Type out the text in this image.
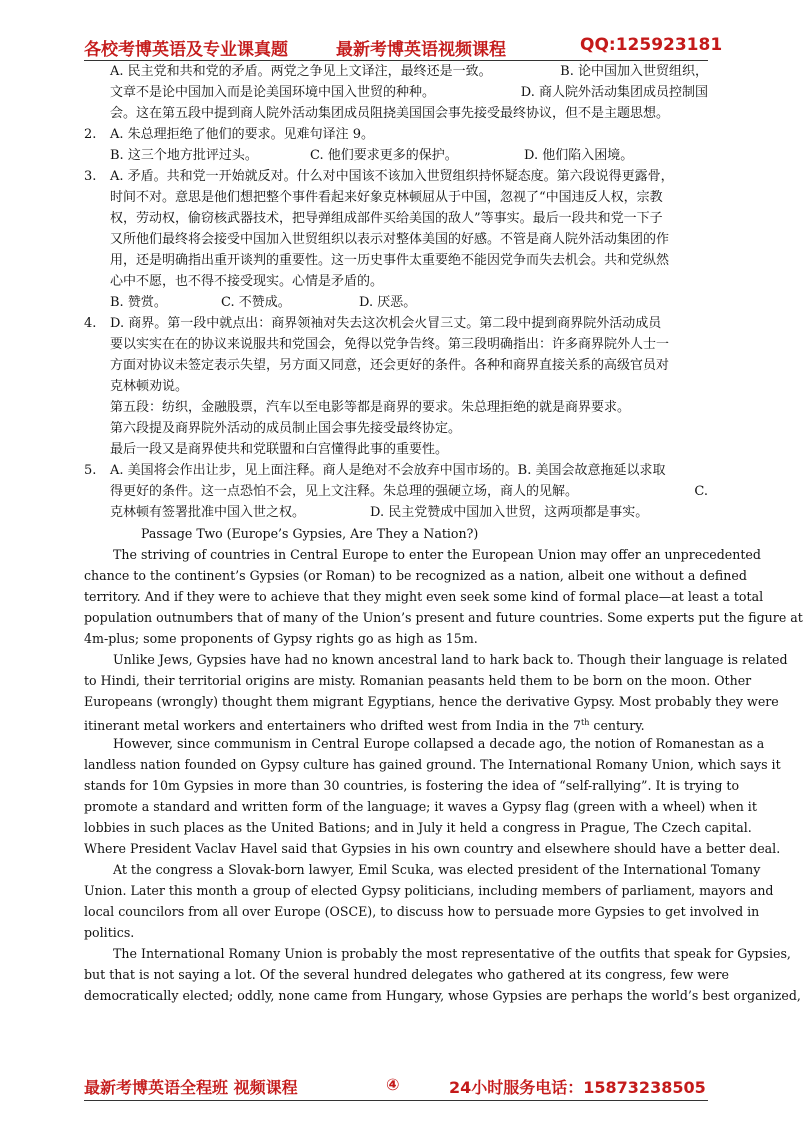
各校考博英语及专业课真题	最新考博英语视频课程	QQ:125923181
A. 民主党和共和党的矛盾。两党之争见上文译注，最终还是一致。	B. 论中国加入世贸组织，
文章不是论中国加入而是论美国环境中国入世贸的种种。	D. 商人院外活动集团成员控制国
会。这在第五段中提到商人院外活动集团成员阻挠美国国会事先接受最终协议，但不是主题思想。
2. A. 朱总理拒绝了他们的要求。见难句译注 9。
B. 这三个地方批评过头。	C. 他们要求更多的保护。	D. 他们陷入困境。
3. A. 矛盾。共和党一开始就反对。什么对中国该不该加入世贸组织持怀疑态度。第六段说得更露骨，
时间不对。意思是他们想把整个事件看起来好象克林顿屈从于中国，忽视了“中国违反人权，宗教
权，劳动权，偷窃核武器技术，把导弹组成部件买给美国的敌人”等事实。最后一段共和党一下子
又所他们最终将会接受中国加入世贸组织以表示对整体美国的好感。不管是商人院外活动集团的作
用，还是明确指出重开谈判的重要性。这一历史事件太重要绝不能因党争而失去机会。共和党纵然
心中不愿，也不得不接受现实。心情是矛盾的。
B. 赞赏。	C. 不赞成。	D. 厌恶。
4. D. 商界。第一段中就点出：商界领袖对失去这次机会火冒三丈。第二段中提到商界院外活动成员
要以实实在在的协议来说服共和党国会，免得以党争告终。第三段明确指出：许多商界院外人士一
方面对协议未签定表示失望，另方面又同意，还会更好的条件。各种和商界直接关系的高级官员对
克林顿劝说。
第五段：纺织，金融股票，汽车以至电影等都是商界的要求。朱总理拒绝的就是商界要求。
第六段提及商界院外活动的成员制止国会事先接受最终协定。
最后一段又是商界使共和党联盟和白宫懂得此事的重要性。
5. A. 美国将会作出让步，见上面注释。商人是绝对不会放弃中国市场的。B. 美国会故意拖延以求取
得更好的条件。这一点恐怕不会，见上文注释。朱总理的强硬立场，商人的见解。	C.
克林顿有签署批准中国入世之权。	D. 民主党赞成中国加入世贸，这两项都是事实。
Passage Two (Europe’s Gypsies, Are They a Nation?)
The striving of countries in Central Europe to enter the European Union may offer an unprecedented
chance to the continent’s Gypsies (or Roman) to be recognized as a nation, albeit one without a defined
territory. And if they were to achieve that they might even seek some kind of formal place—at least a total
population outnumbers that of many of the Union’s present and future countries. Some experts put the figure at
4m-plus; some proponents of Gypsy rights go as high as 15m.
Unlike Jews, Gypsies have had no known ancestral land to hark back to. Though their language is related
to Hindi, their territorial origins are misty. Romanian peasants held them to be born on the moon. Other
Europeans (wrongly) thought them migrant Egyptians, hence the derivative Gypsy. Most probably they were
itinerant metal workers and entertainers who drifted west from India in the 7th century.
However, since communism in Central Europe collapsed a decade ago, the notion of Romanestan as a
landless nation founded on Gypsy culture has gained ground. The International Romany Union, which says it
stands for 10m Gypsies in more than 30 countries, is fostering the idea of “self-rallying”. It is trying to
promote a standard and written form of the language; it waves a Gypsy flag (green with a wheel) when it
lobbies in such places as the United Bations; and in July it held a congress in Prague, The Czech capital.
Where President Vaclav Havel said that Gypsies in his own country and elsewhere should have a better deal.
At the congress a Slovak-born lawyer, Emil Scuka, was elected president of the International Tomany
Union. Later this month a group of elected Gypsy politicians, including members of parliament, mayors and
local councilors from all over Europe (OSCE), to discuss how to persuade more Gypsies to get involved in
politics.
The International Romany Union is probably the most representative of the outfits that speak for Gypsies,
but that is not saying a lot. Of the several hundred delegates who gathered at its congress, few were
democratically elected; oddly, none came from Hungary, whose Gypsies are perhaps the world’s best organized,
最新考博英语全程班 视频课程	④	24小时服务电话：15873238505
